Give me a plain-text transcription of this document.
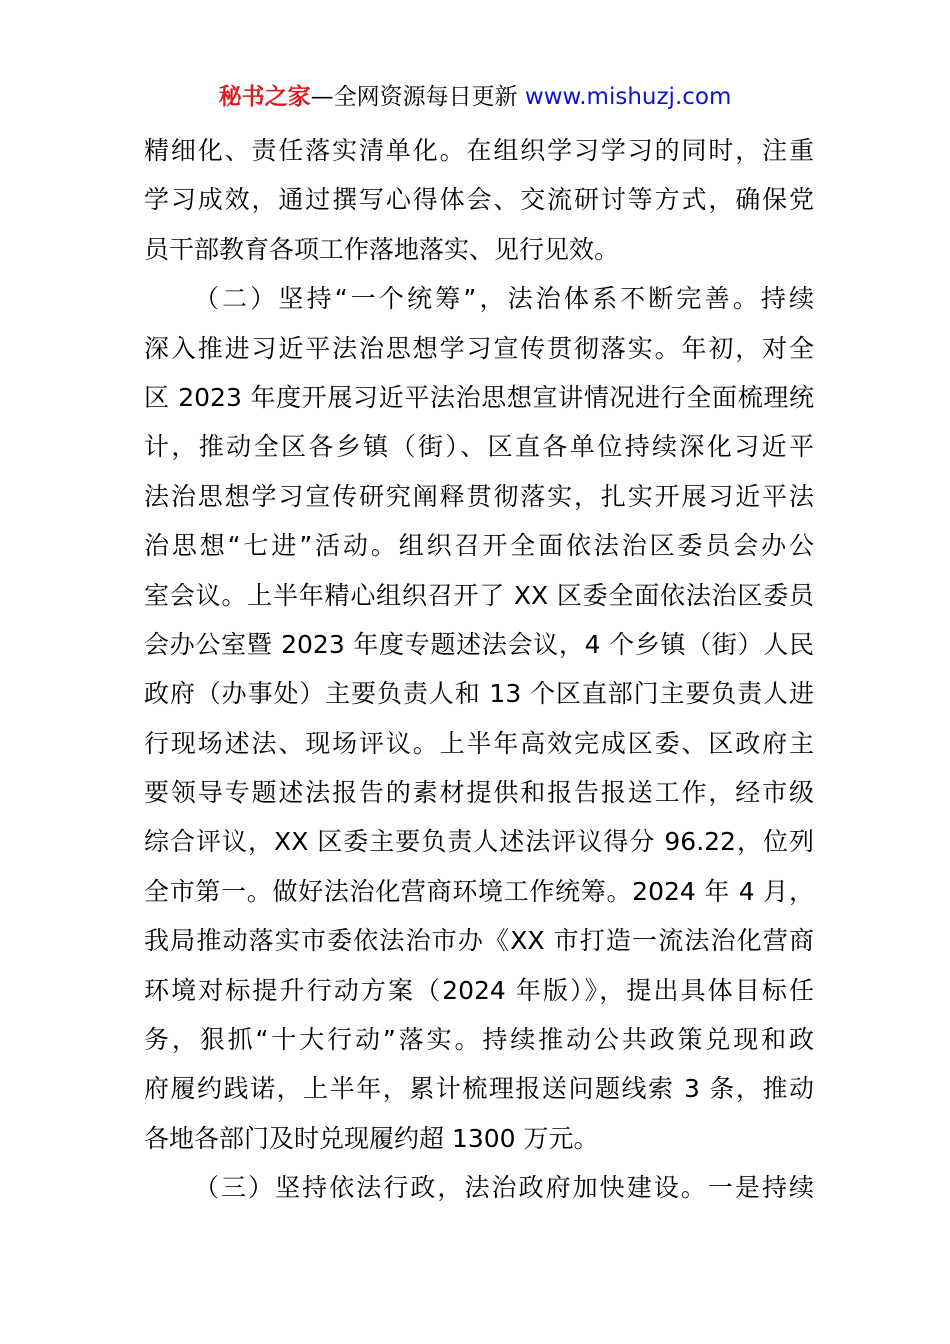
秘书之家—全网资源每日更新 www.mishuzj.com
精细化、责任落实清单化。在组织学习学习的同时，注重
学习成效，通过撰写心得体会、交流研讨等方式，确保党
员干部教育各项工作落地落实、见行见效。
（二）坚持“一个统筹”，法治体系不断完善。持续
深入推进习近平法治思想学习宣传贯彻落实。年初，对全
区 2023 年度开展习近平法治思想宣讲情况进行全面梳理统
计，推动全区各乡镇（街）、区直各单位持续深化习近平
法治思想学习宣传研究阐释贯彻落实，扎实开展习近平法
治思想“七进”活动。组织召开全面依法治区委员会办公
室会议。上半年精心组织召开了 XX 区委全面依法治区委员
会办公室暨 2023 年度专题述法会议，4 个乡镇（街）人民
政府（办事处）主要负责人和 13 个区直部门主要负责人进
行现场述法、现场评议。上半年高效完成区委、区政府主
要领导专题述法报告的素材提供和报告报送工作，经市级
综合评议，XX 区委主要负责人述法评议得分 96.22，位列
全市第一。做好法治化营商环境工作统筹。2024 年 4 月，
我局推动落实市委依法治市办《XX 市打造一流法治化营商
环境对标提升行动方案（2024 年版）》，提出具体目标任
务，狠抓“十大行动”落实。持续推动公共政策兑现和政
府履约践诺，上半年，累计梳理报送问题线索 3 条，推动
各地各部门及时兑现履约超 1300 万元。
（三）坚持依法行政，法治政府加快建设。一是持续
